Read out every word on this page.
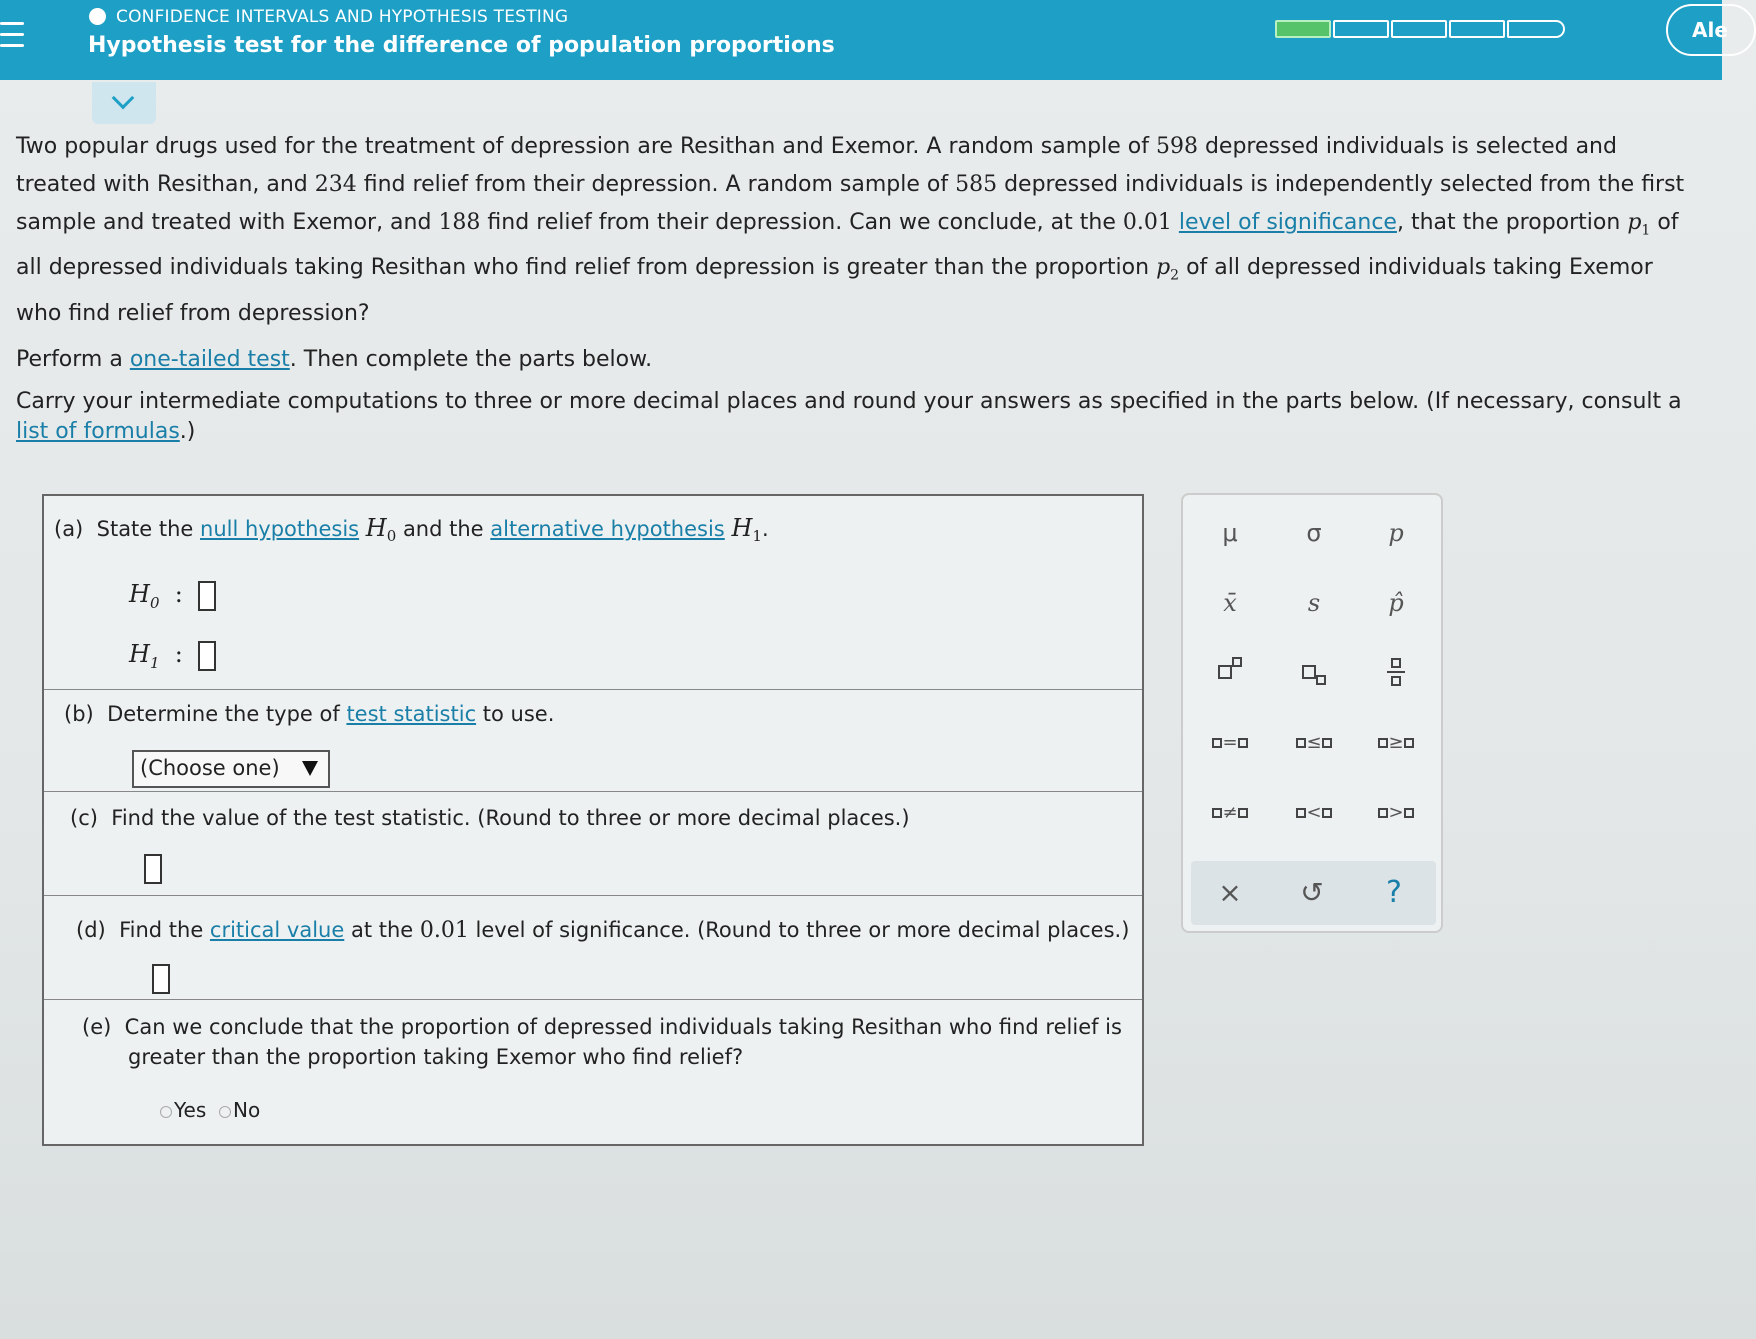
CONFIDENCE INTERVALS AND HYPOTHESIS TESTING
Hypothesis test for the difference of population proportions
Ale

Two popular drugs used for the treatment of depression are Resithan and Exemor. A random sample of 598 depressed individuals is selected and treated with Resithan, and 234 find relief from their depression. A random sample of 585 depressed individuals is independently selected from the first sample and treated with Exemor, and 188 find relief from their depression. Can we conclude, at the 0.01 level of significance, that the proportion $p_1$ of all depressed individuals taking Resithan who find relief from depression is greater than the proportion $p_2$ of all depressed individuals taking Exemor who find relief from depression?

Perform a one-tailed test. Then complete the parts below.

Carry your intermediate computations to three or more decimal places and round your answers as specified in the parts below. (If necessary, consult a list of formulas.)

(a) State the null hypothesis $H_0$ and the alternative hypothesis $H_1$.
$H_0$ :
$H_1$ :
(b) Determine the type of test statistic to use.
(Choose one)
(c) Find the value of the test statistic. (Round to three or more decimal places.)
(d) Find the critical value at the 0.01 level of significance. (Round to three or more decimal places.)
(e) Can we conclude that the proportion of depressed individuals taking Resithan who find relief is
greater than the proportion taking Exemor who find relief?
Yes No
μ	σ	p
x̄	s	p̂
=	≤	≥
≠	<	>
×	↺	?
